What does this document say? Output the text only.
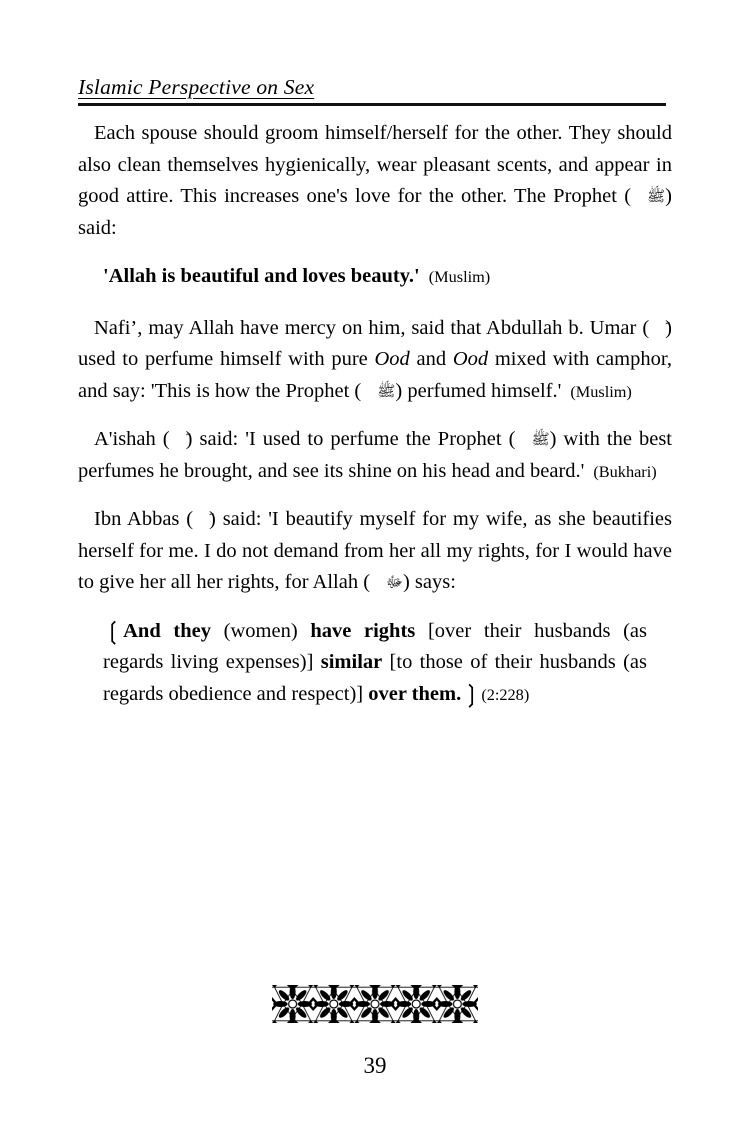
Islamic Perspective on Sex

Each spouse should groom himself/herself for the other. They should also clean themselves hygienically, wear pleasant scents, and appear in good attire. This increases one's love for the other. The Prophet ( ﷺ) said:

'Allah is beautiful and loves beauty.' (Muslim)

Nafi’, may Allah have mercy on him, said that Abdullah b. Umar ( ) used to perfume himself with pure Ood and Ood mixed with camphor, and say: 'This is how the Prophet ( ﷺ) perfumed himself.' (Muslim)

A'ishah ( ) said: 'I used to perfume the Prophet ( ﷺ) with the best perfumes he brought, and see its shine on his head and beard.' (Bukhari)

Ibn Abbas ( ) said: 'I beautify myself for my wife, as she beautifies herself for me. I do not demand from her all my rights, for I would have to give her all her rights, for Allah ( ﷻ) says:

❲And they (women) have rights [over their husbands (as regards living expenses)] similar [to those of their husbands (as regards obedience and respect)] over them.❳(2:228)
39
